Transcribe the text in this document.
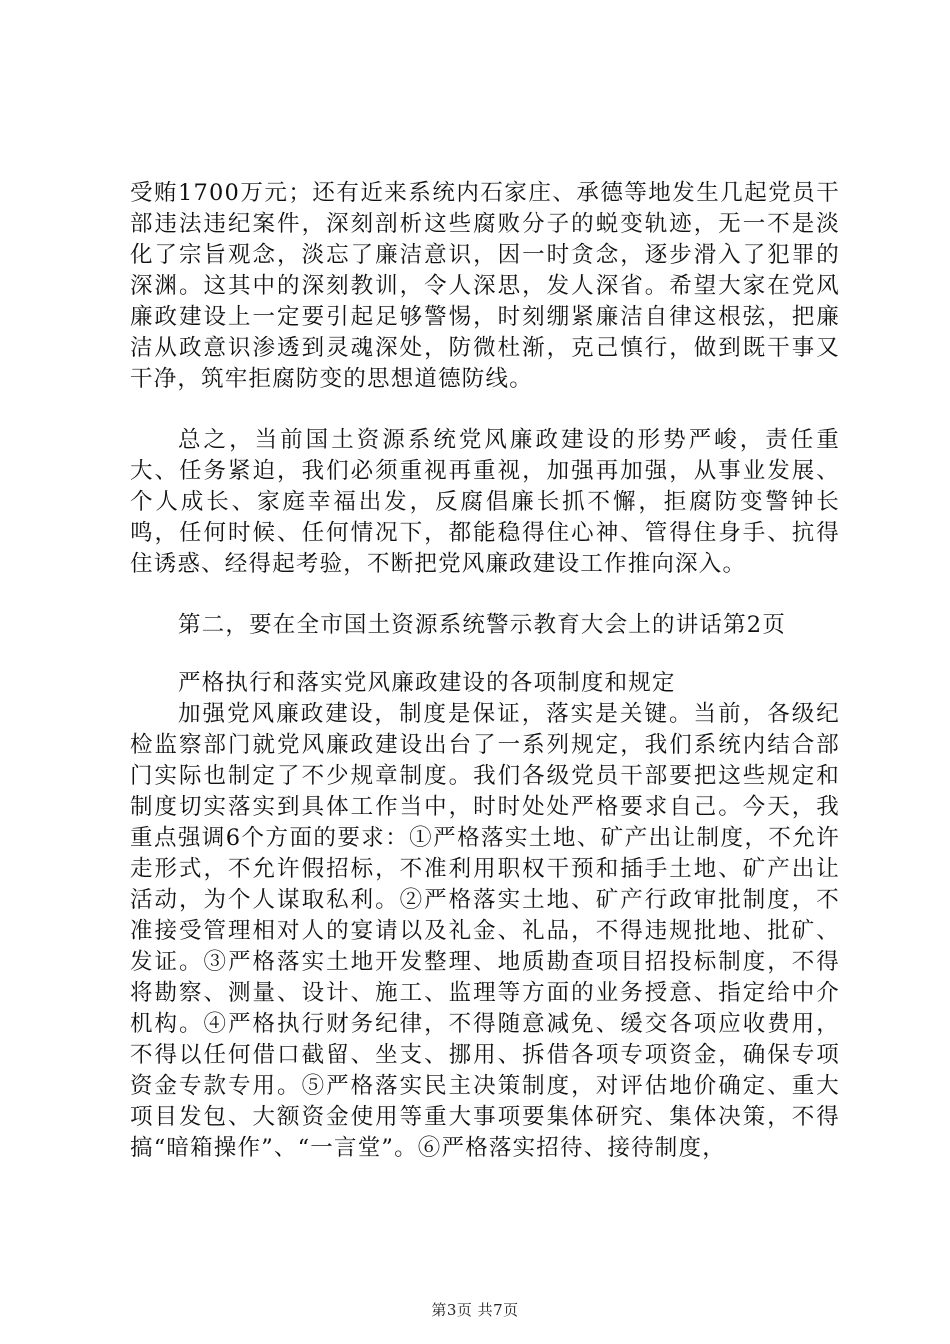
受贿1700万元；还有近来系统内石家庄、承德等地发生几起党员干部违法违纪案件，深刻剖析这些腐败分子的蜕变轨迹，无一不是淡化了宗旨观念，淡忘了廉洁意识，因一时贪念，逐步滑入了犯罪的深渊。这其中的深刻教训，令人深思，发人深省。希望大家在党风廉政建设上一定要引起足够警惕，时刻绷紧廉洁自律这根弦，把廉洁从政意识渗透到灵魂深处，防微杜渐，克己慎行，做到既干事又干净，筑牢拒腐防变的思想道德防线。

总之，当前国土资源系统党风廉政建设的形势严峻，责任重大、任务紧迫，我们必须重视再重视，加强再加强，从事业发展、个人成长、家庭幸福出发，反腐倡廉长抓不懈，拒腐防变警钟长鸣，任何时候、任何情况下，都能稳得住心神、管得住身手、抗得住诱惑、经得起考验，不断把党风廉政建设工作推向深入。

第二，要在全市国土资源系统警示教育大会上的讲话第2页

严格执行和落实党风廉政建设的各项制度和规定

加强党风廉政建设，制度是保证，落实是关键。当前，各级纪检监察部门就党风廉政建设出台了一系列规定，我们系统内结合部门实际也制定了不少规章制度。我们各级党员干部要把这些规定和制度切实落实到具体工作当中，时时处处严格要求自己。今天，我重点强调6个方面的要求：①严格落实土地、矿产出让制度，不允许走形式，不允许假招标，不准利用职权干预和插手土地、矿产出让活动，为个人谋取私利。②严格落实土地、矿产行政审批制度，不准接受管理相对人的宴请以及礼金、礼品，不得违规批地、批矿、发证。③严格落实土地开发整理、地质勘查项目招投标制度，不得将勘察、测量、设计、施工、监理等方面的业务授意、指定给中介机构。④严格执行财务纪律，不得随意减免、缓交各项应收费用，不得以任何借口截留、坐支、挪用、拆借各项专项资金，确保专项资金专款专用。⑤严格落实民主决策制度，对评估地价确定、重大项目发包、大额资金使用等重大事项要集体研究、集体决策，不得搞“暗箱操作”、“一言堂”。⑥严格落实招待、接待制度，

第3页 共7页
